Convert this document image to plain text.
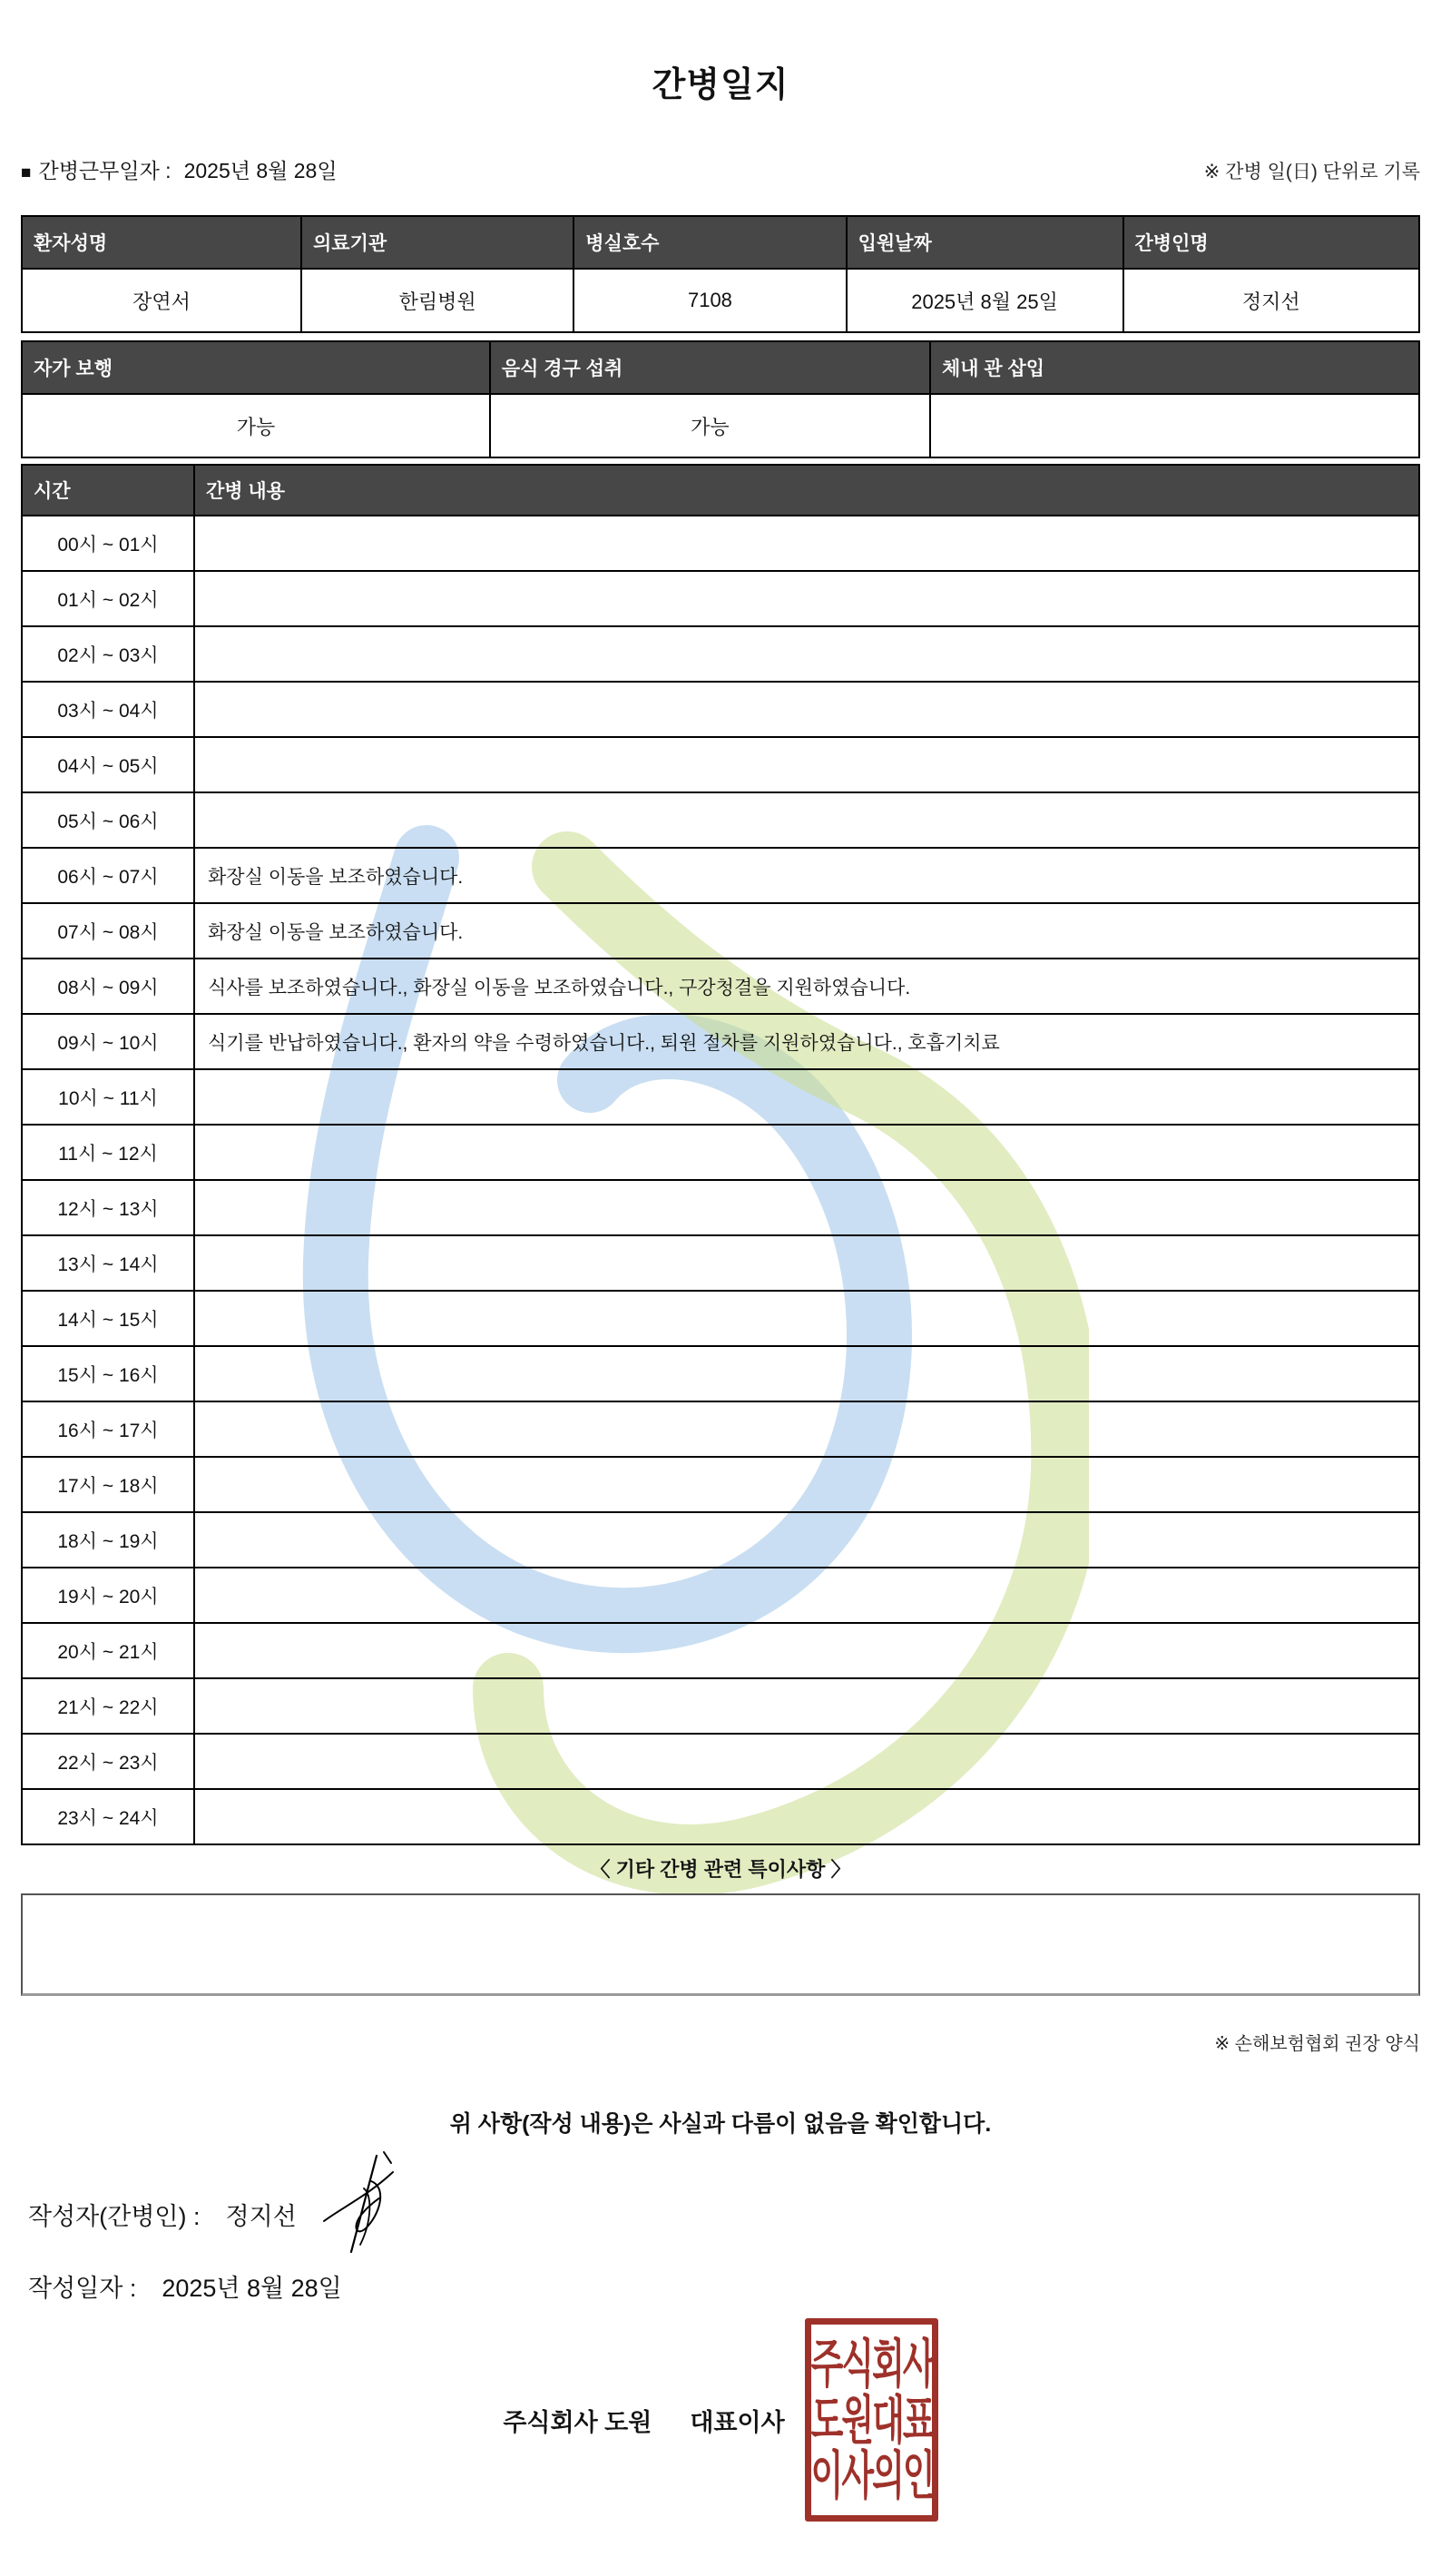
간병일지
■ 간병근무일자 : 2025년 8월 28일	※ 간병 일(日) 단위로 기록
환자성명	의료기관	병실호수	입원날짜	간병인명
장연서	한림병원	7108	2025년 8월 25일	정지선
자가 보행	음식 경구 섭취	체내 관 삽입
가능	가능	
시간	간병 내용
00시 ~ 01시	
01시 ~ 02시	
02시 ~ 03시	
03시 ~ 04시	
04시 ~ 05시	
05시 ~ 06시	
06시 ~ 07시	화장실 이동을 보조하였습니다.
07시 ~ 08시	화장실 이동을 보조하였습니다.
08시 ~ 09시	식사를 보조하였습니다., 화장실 이동을 보조하였습니다., 구강청결을 지원하였습니다.
09시 ~ 10시	식기를 반납하였습니다., 환자의 약을 수령하였습니다., 퇴원 절차를 지원하였습니다., 호흡기치료
10시 ~ 11시	
11시 ~ 12시	
12시 ~ 13시	
13시 ~ 14시	
14시 ~ 15시	
15시 ~ 16시	
16시 ~ 17시	
17시 ~ 18시	
18시 ~ 19시	
19시 ~ 20시	
20시 ~ 21시	
21시 ~ 22시	
22시 ~ 23시	
23시 ~ 24시	
〈 기타 간병 관련 특이사항 〉
※ 손해보험협회 권장 양식
위 사항(작성 내용)은 사실과 다름이 없음을 확인합니다.
작성자(간병인) : 정지선
작성일자 : 2025년 8월 28일
주식회사 도원 대표이사
주식회사
도원대표
이사의인
